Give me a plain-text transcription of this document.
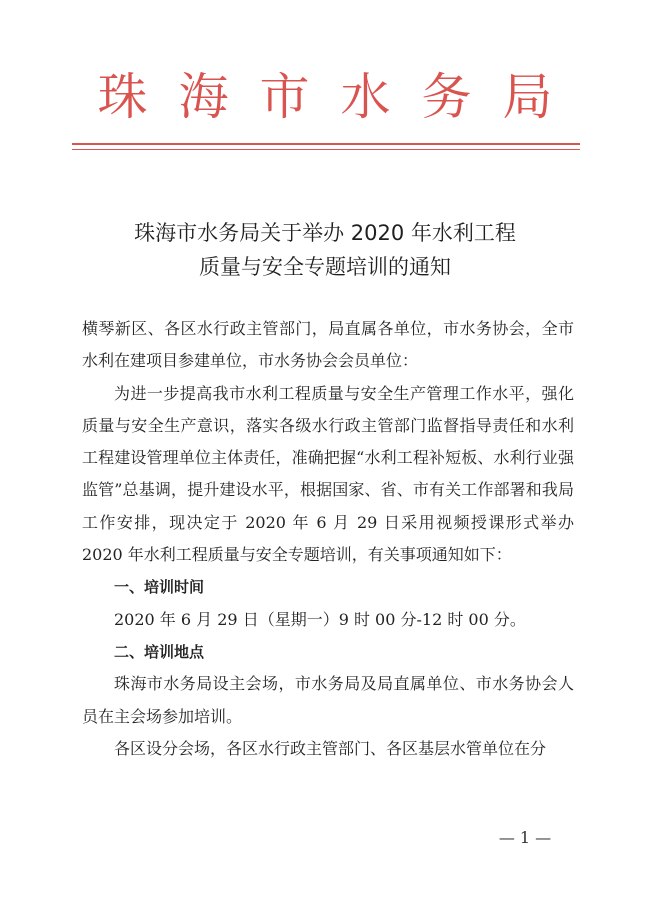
珠海市水务局
珠海市水务局关于举办 2020 年水利工程
质量与安全专题培训的通知

横琴新区、各区水行政主管部门，局直属各单位，市水务协会，全市水利在建项目参建单位，市水务协会会员单位：

为进一步提高我市水利工程质量与安全生产管理工作水平，强化质量与安全生产意识，落实各级水行政主管部门监督指导责任和水利工程建设管理单位主体责任，准确把握“水利工程补短板、水利行业强监管”总基调，提升建设水平，根据国家、省、市有关工作部署和我局工作安排，现决定于 2020 年 6 月 29 日采用视频授课形式举办 2020 年水利工程质量与安全专题培训，有关事项通知如下：

一、培训时间

2020 年 6 月 29 日（星期一）9 时 00 分-12 时 00 分。

二、培训地点

珠海市水务局设主会场，市水务局及局直属单位、市水务协会人员在主会场参加培训。

各区设分会场，各区水行政主管部门、各区基层水管单位在分

— 1 —
